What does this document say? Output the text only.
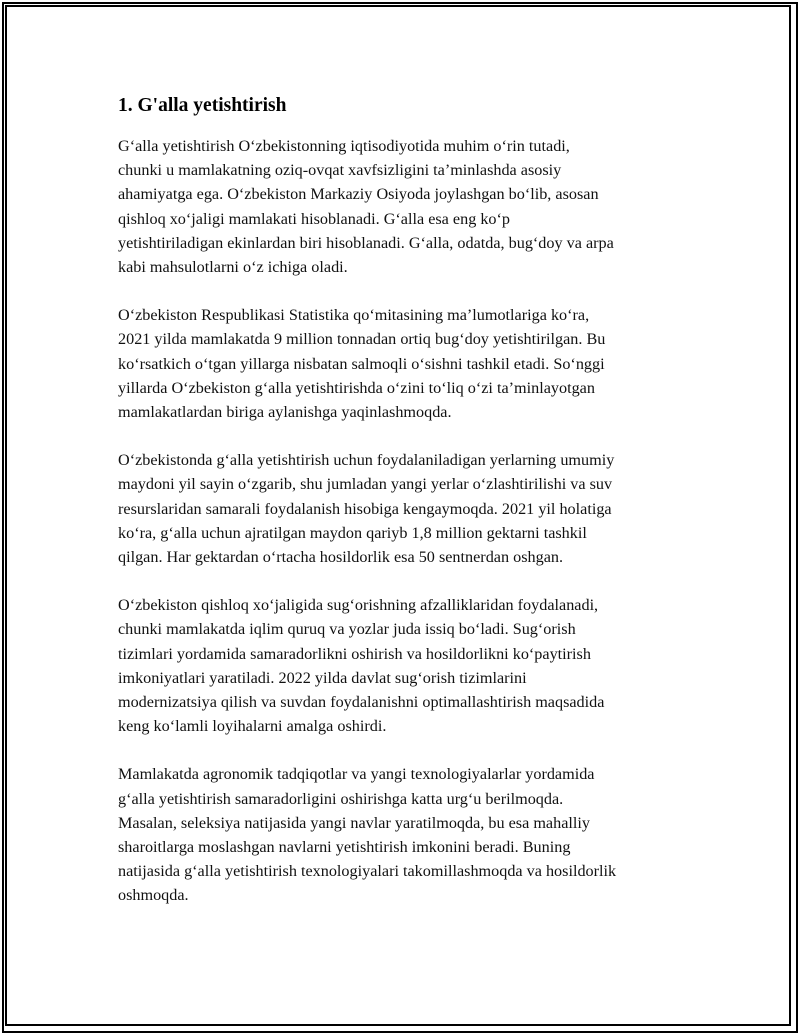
1. G'alla yetishtirish

G‘alla yetishtirish O‘zbekistonning iqtisodiyotida muhim o‘rin tutadi,
chunki u mamlakatning oziq-ovqat xavfsizligini ta’minlashda asosiy
ahamiyatga ega. O‘zbekiston Markaziy Osiyoda joylashgan bo‘lib, asosan
qishloq xo‘jaligi mamlakati hisoblanadi. G‘alla esa eng ko‘p
yetishtiriladigan ekinlardan biri hisoblanadi. G‘alla, odatda, bug‘doy va arpa
kabi mahsulotlarni o‘z ichiga oladi.

O‘zbekiston Respublikasi Statistika qo‘mitasining ma’lumotlariga ko‘ra,
2021 yilda mamlakatda 9 million tonnadan ortiq bug‘doy yetishtirilgan. Bu
ko‘rsatkich o‘tgan yillarga nisbatan salmoqli o‘sishni tashkil etadi. So‘nggi
yillarda O‘zbekiston g‘alla yetishtirishda o‘zini to‘liq o‘zi ta’minlayotgan
mamlakatlardan biriga aylanishga yaqinlashmoqda.

O‘zbekistonda g‘alla yetishtirish uchun foydalaniladigan yerlarning umumiy
maydoni yil sayin o‘zgarib, shu jumladan yangi yerlar o‘zlashtirilishi va suv
resurslaridan samarali foydalanish hisobiga kengaymoqda. 2021 yil holatiga
ko‘ra, g‘alla uchun ajratilgan maydon qariyb 1,8 million gektarni tashkil
qilgan. Har gektardan o‘rtacha hosildorlik esa 50 sentnerdan oshgan.

O‘zbekiston qishloq xo‘jaligida sug‘orishning afzalliklaridan foydalanadi,
chunki mamlakatda iqlim quruq va yozlar juda issiq bo‘ladi. Sug‘orish
tizimlari yordamida samaradorlikni oshirish va hosildorlikni ko‘paytirish
imkoniyatlari yaratiladi. 2022 yilda davlat sug‘orish tizimlarini
modernizatsiya qilish va suvdan foydalanishni optimallashtirish maqsadida
keng ko‘lamli loyihalarni amalga oshirdi.

Mamlakatda agronomik tadqiqotlar va yangi texnologiyalarlar yordamida
g‘alla yetishtirish samaradorligini oshirishga katta urg‘u berilmoqda.
Masalan, seleksiya natijasida yangi navlar yaratilmoqda, bu esa mahalliy
sharoitlarga moslashgan navlarni yetishtirish imkonini beradi. Buning
natijasida g‘alla yetishtirish texnologiyalari takomillashmoqda va hosildorlik
oshmoqda.
